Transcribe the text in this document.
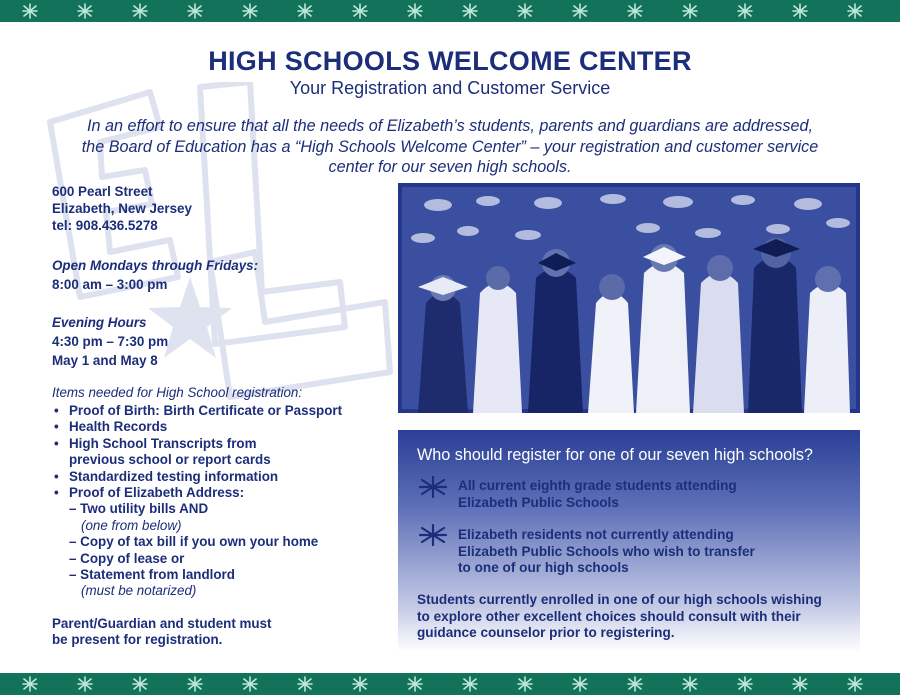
HIGH SCHOOLS WELCOME CENTER
Your Registration and Customer Service
In an effort to ensure that all the needs of Elizabeth’s students, parents and guardians are addressed,
the Board of Education has a “High Schools Welcome Center” – your registration and customer service
center for our seven high schools.
600 Pearl Street
Elizabeth, New Jersey
tel: 908.436.5278
Open Mondays through Fridays:
8:00 am – 3:00 pm
Evening Hours
4:30 pm – 7:30 pm
May 1 and May 8
Items needed for High School registration:
• Proof of Birth: Birth Certificate or Passport
• Health Records
• High School Transcripts from
previous school or report cards
• Standardized testing information
• Proof of Elizabeth Address:
– Two utility bills AND
(one from below)
– Copy of tax bill if you own your home
– Copy of lease or
– Statement from landlord
(must be notarized)
Parent/Guardian and student must
be present for registration.
Who should register for one of our seven high schools?
All current eighth grade students attending
Elizabeth Public Schools
Elizabeth residents not currently attending
Elizabeth Public Schools who wish to transfer
to one of our high schools
Students currently enrolled in one of our high schools wishing
to explore other excellent choices should consult with their
guidance counselor prior to registering.
